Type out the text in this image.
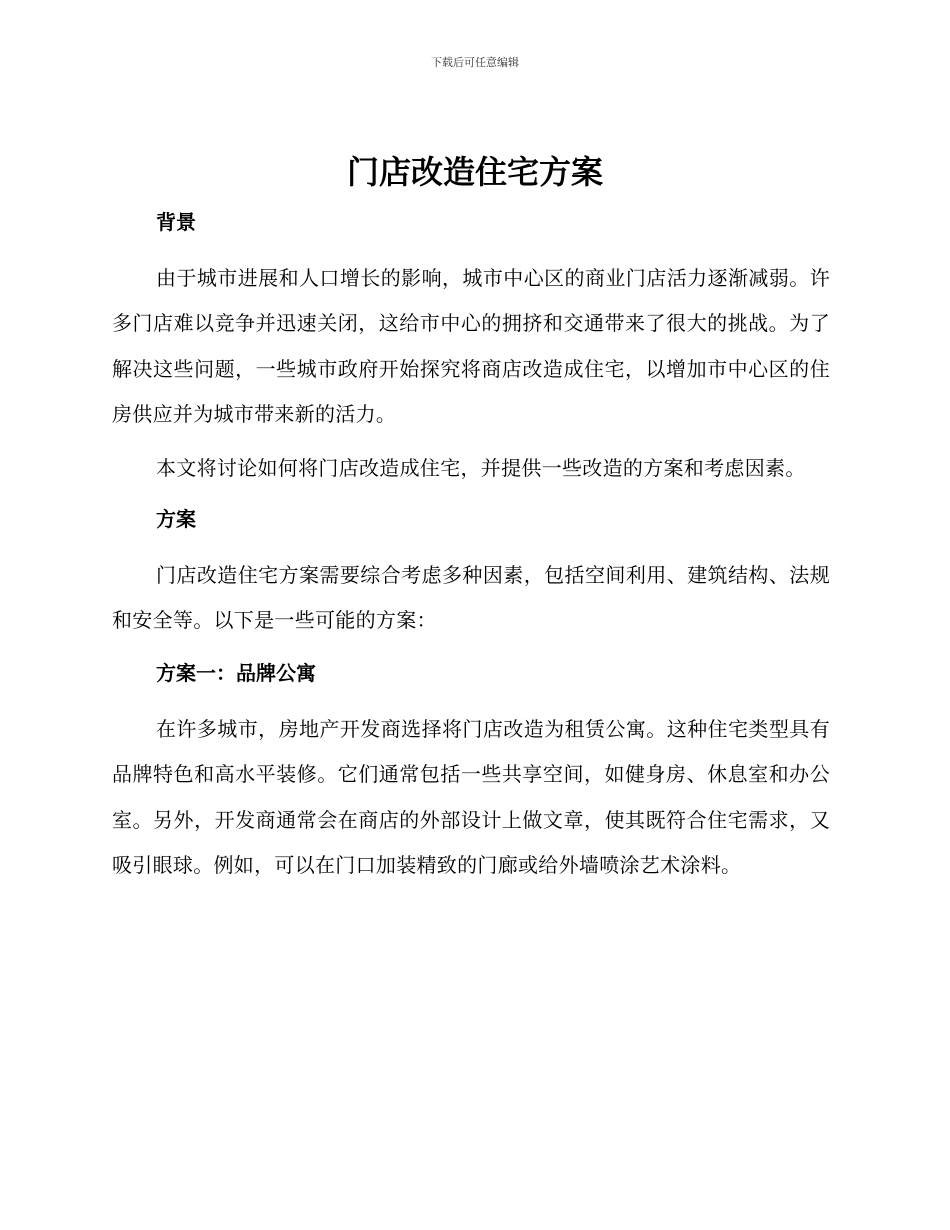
下载后可任意编辑
门店改造住宅方案
背景

由于城市进展和人口增长的影响，城市中心区的商业门店活力逐渐减弱。许多门店难以竞争并迅速关闭，这给市中心的拥挤和交通带来了很大的挑战。为了解决这些问题，一些城市政府开始探究将商店改造成住宅，以增加市中心区的住房供应并为城市带来新的活力。

本文将讨论如何将门店改造成住宅，并提供一些改造的方案和考虑因素。

方案

门店改造住宅方案需要综合考虑多种因素，包括空间利用、建筑结构、法规和安全等。以下是一些可能的方案：

方案一：品牌公寓

在许多城市，房地产开发商选择将门店改造为租赁公寓。这种住宅类型具有品牌特色和高水平装修。它们通常包括一些共享空间，如健身房、休息室和办公室。另外，开发商通常会在商店的外部设计上做文章，使其既符合住宅需求，又吸引眼球。例如，可以在门口加装精致的门廊或给外墙喷涂艺术涂料。
